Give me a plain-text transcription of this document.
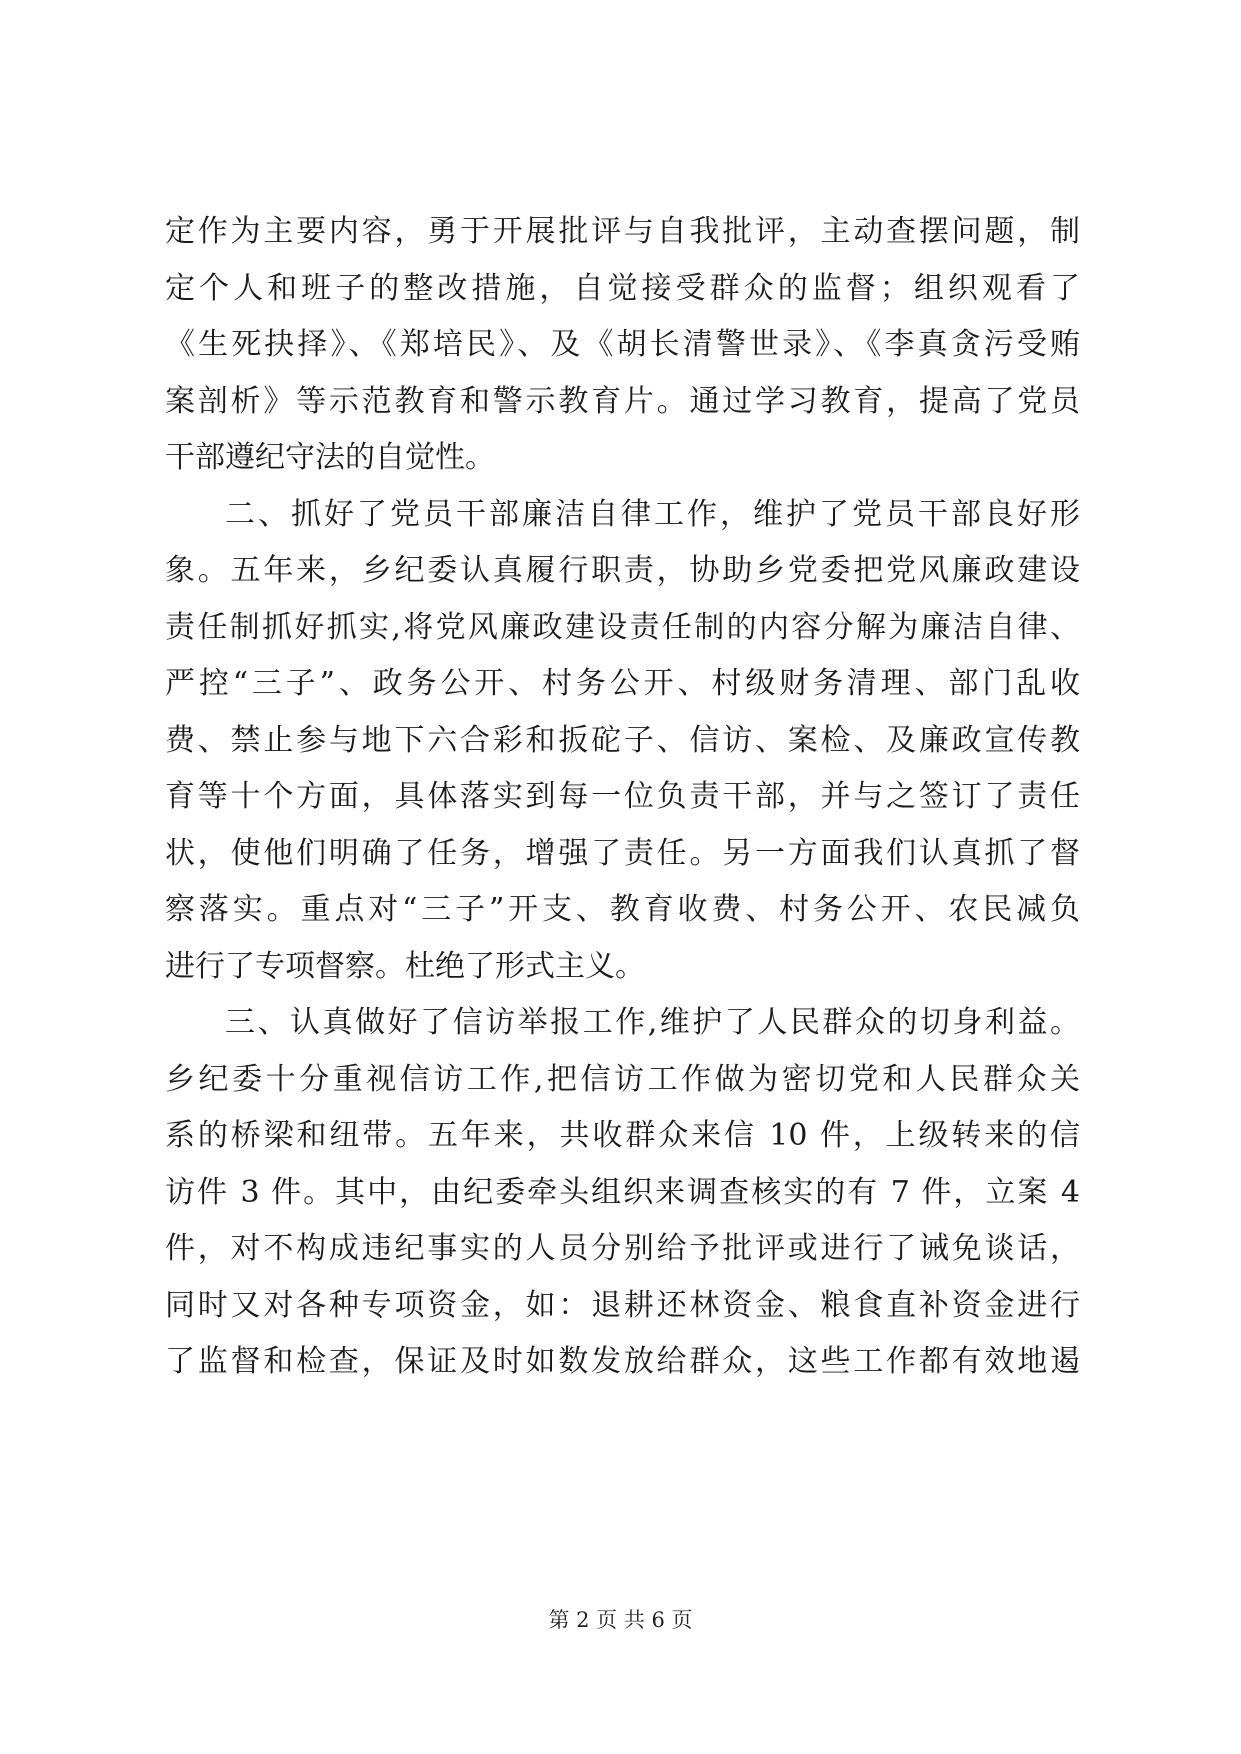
定作为主要内容，勇于开展批评与自我批评，主动查摆问题，制
定个人和班子的整改措施，自觉接受群众的监督；组织观看了
《生死抉择》、《郑培民》、及《胡长清警世录》、《李真贪污受贿
案剖析》等示范教育和警示教育片。通过学习教育，提高了党员
干部遵纪守法的自觉性。
二、抓好了党员干部廉洁自律工作，维护了党员干部良好形
象。五年来，乡纪委认真履行职责，协助乡党委把党风廉政建设
责任制抓好抓实,将党风廉政建设责任制的内容分解为廉洁自律、
严控“三子”、政务公开、村务公开、村级财务清理、部门乱收
费、禁止参与地下六合彩和扳砣子、信访、案检、及廉政宣传教
育等十个方面，具体落实到每一位负责干部，并与之签订了责任
状，使他们明确了任务，增强了责任。另一方面我们认真抓了督
察落实。重点对“三子”开支、教育收费、村务公开、农民减负
进行了专项督察。杜绝了形式主义。
三、认真做好了信访举报工作,维护了人民群众的切身利益。
乡纪委十分重视信访工作,把信访工作做为密切党和人民群众关
系的桥梁和纽带。五年来，共收群众来信 10 件，上级转来的信
访件 3 件。其中，由纪委牵头组织来调查核实的有 7 件，立案 4
件，对不构成违纪事实的人员分别给予批评或进行了诫免谈话，
同时又对各种专项资金，如：退耕还林资金、粮食直补资金进行
了监督和检查，保证及时如数发放给群众，这些工作都有效地遏
第 2 页 共 6 页
